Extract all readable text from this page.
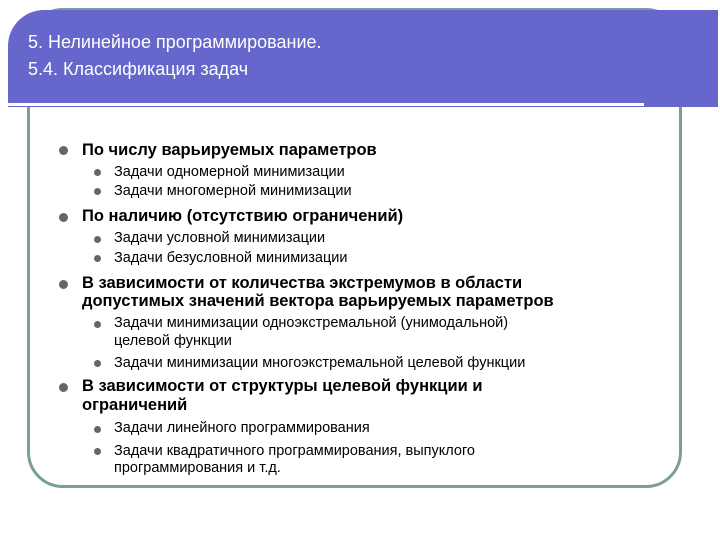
5. Нелинейное программирование.
5.4. Классификация задач
По числу варьируемых параметров
Задачи одномерной минимизации
Задачи многомерной минимизации
По наличию (отсутствию ограничений)
Задачи условной минимизации
Задачи безусловной минимизации
В зависимости от количества экстремумов в области
допустимых значений вектора варьируемых параметров
Задачи минимизации одноэкстремальной (унимодальной)
целевой функции
Задачи минимизации многоэкстремальной целевой функции
В зависимости от структуры целевой функции и
ограничений
Задачи линейного программирования
Задачи квадратичного программирования, выпуклого
программирования и т.д.
